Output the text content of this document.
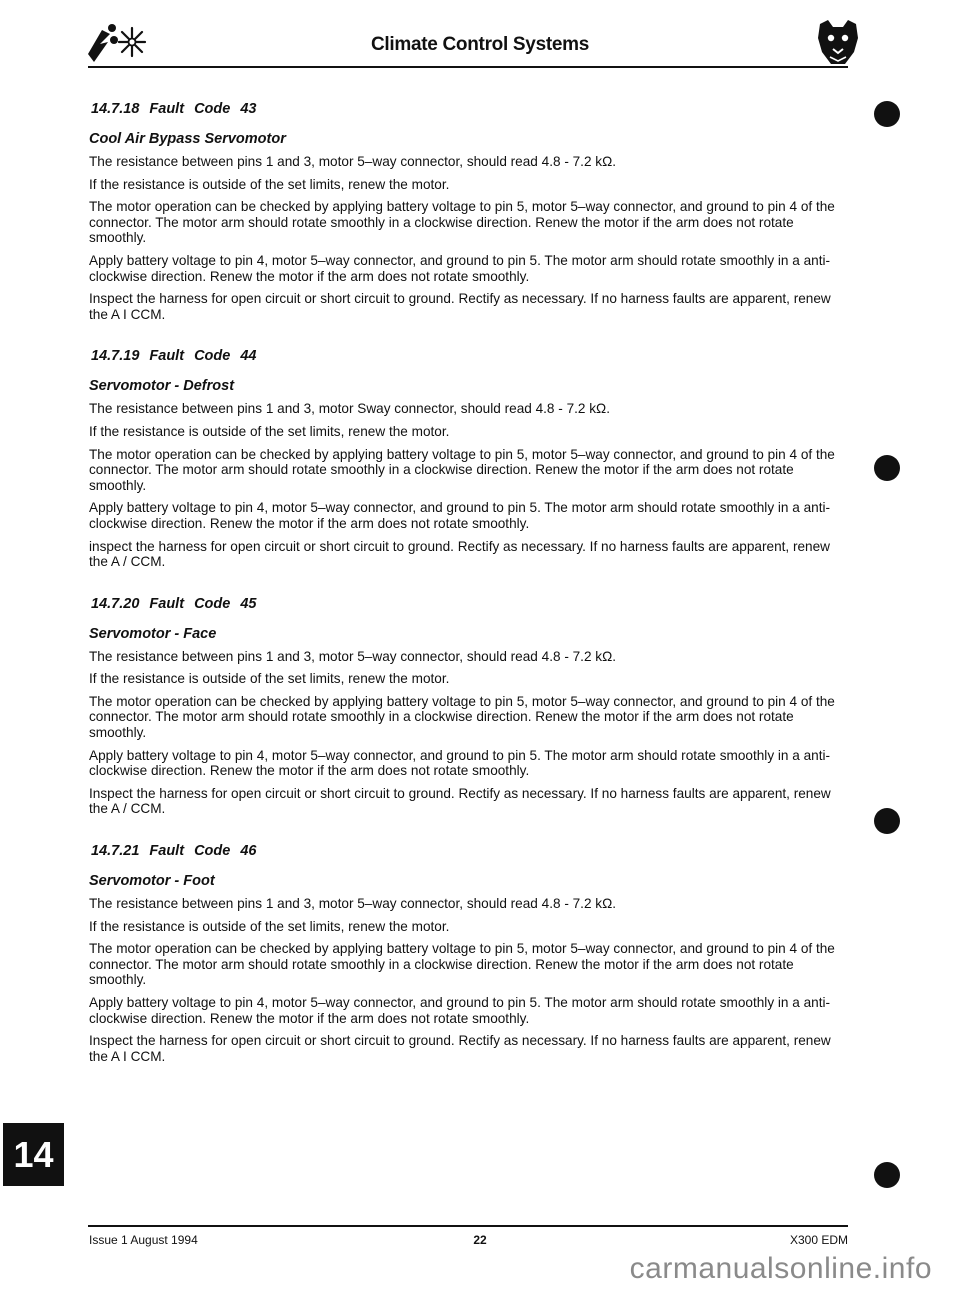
Climate Control Systems
14.7.18 Fault Code 43
Cool Air Bypass Servomotor

The resistance between pins 1 and 3, motor 5–way connector, should read 4.8 - 7.2 kΩ.

If the resistance is outside of the set limits, renew the motor.

The motor operation can be checked by applying battery voltage to pin 5, motor 5–way connector, and ground to pin 4 of the connector. The motor arm should rotate smoothly in a clockwise direction. Renew the motor if the arm does not rotate smoothly.

Apply battery voltage to pin 4, motor 5–way connector, and ground to pin 5. The motor arm should rotate smoothly in a anti-clockwise direction. Renew the motor if the arm does not rotate smoothly.

Inspect the harness for open circuit or short circuit to ground. Rectify as necessary. If no harness faults are apparent, renew the A I CCM.

14.7.19 Fault Code 44
Servomotor - Defrost

The resistance between pins 1 and 3, motor Sway connector, should read 4.8 - 7.2 kΩ.

If the resistance is outside of the set limits, renew the motor.

The motor operation can be checked by applying battery voltage to pin 5, motor 5–way connector, and ground to pin 4 of the connector. The motor arm should rotate smoothly in a clockwise direction. Renew the motor if the arm does not rotate smoothly.

Apply battery voltage to pin 4, motor 5–way connector, and ground to pin 5. The motor arm should rotate smoothly in a anti-clockwise direction. Renew the motor if the arm does not rotate smoothly.

inspect the harness for open circuit or short circuit to ground. Rectify as necessary. If no harness faults are apparent, renew the A / CCM.

14.7.20 Fault Code 45
Servomotor - Face

The resistance between pins 1 and 3, motor 5–way connector, should read 4.8 - 7.2 kΩ.

If the resistance is outside of the set limits, renew the motor.

The motor operation can be checked by applying battery voltage to pin 5, motor 5–way connector, and ground to pin 4 of the connector. The motor arm should rotate smoothly in a clockwise direction. Renew the motor if the arm does not rotate smoothly.

Apply battery voltage to pin 4, motor 5–way connector, and ground to pin 5. The motor arm should rotate smoothly in a anti-clockwise direction. Renew the motor if the arm does not rotate smoothly.

Inspect the harness for open circuit or short circuit to ground. Rectify as necessary. If no harness faults are apparent, renew the A / CCM.

14.7.21 Fault Code 46
Servomotor - Foot

The resistance between pins 1 and 3, motor 5–way connector, should read 4.8 - 7.2 kΩ.

If the resistance is outside of the set limits, renew the motor.

The motor operation can be checked by applying battery voltage to pin 5, motor 5–way connector, and ground to pin 4 of the connector. The motor arm should rotate smoothly in a clockwise direction. Renew the motor if the arm does not rotate smoothly.

Apply battery voltage to pin 4, motor 5–way connector, and ground to pin 5. The motor arm should rotate smoothly in a anti-clockwise direction. Renew the motor if the arm does not rotate smoothly.

Inspect the harness for open circuit or short circuit to ground. Rectify as necessary. If no harness faults are apparent, renew the A I CCM.

14
Issue 1 August 1994	22	X300 EDM
carmanualsonline.info
